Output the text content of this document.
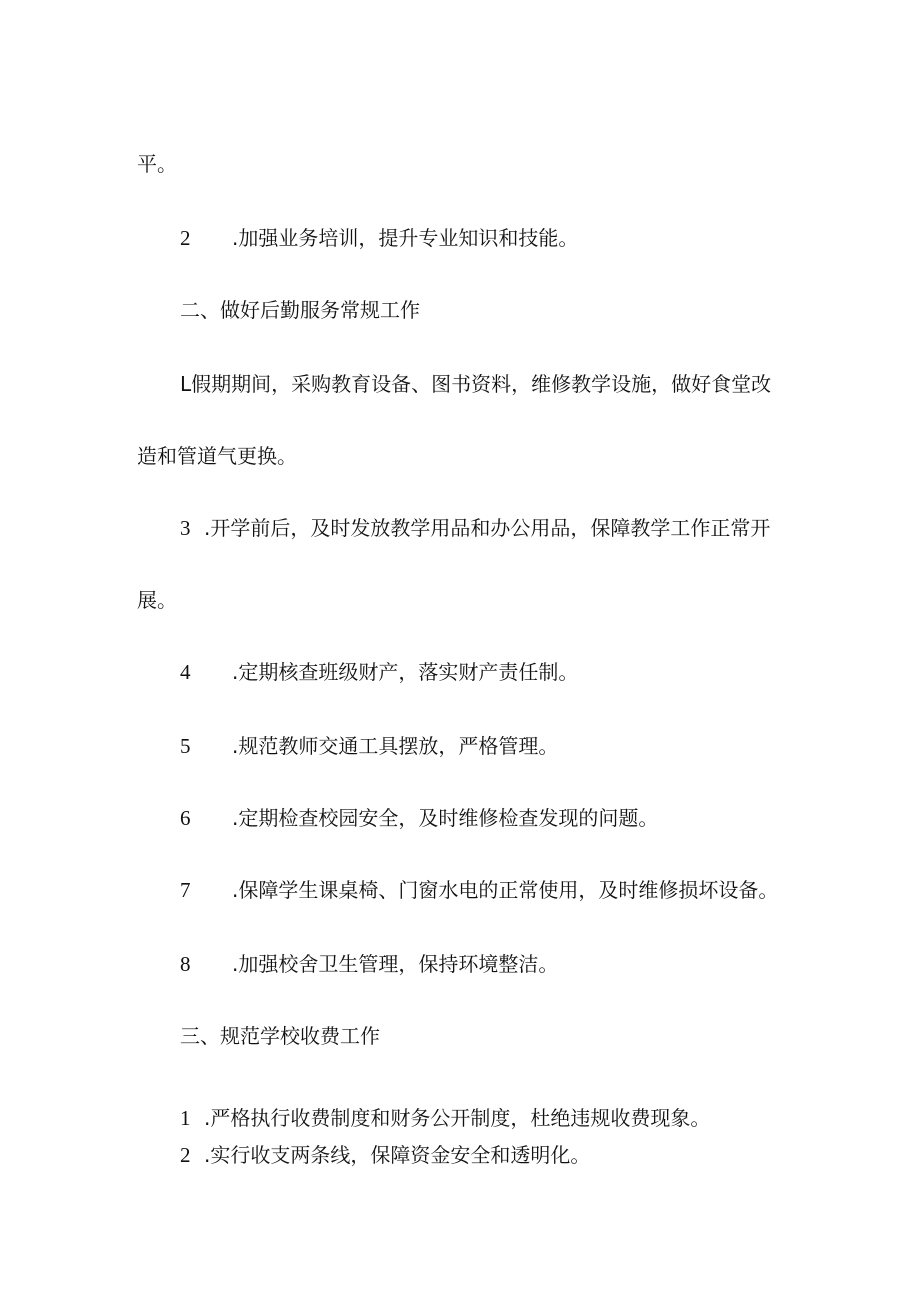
平。
2 .加强业务培训，提升专业知识和技能。
二、做好后勤服务常规工作
L假期期间，采购教育设备、图书资料，维修教学设施，做好食堂改
造和管道气更换。
3 .开学前后，及时发放教学用品和办公用品，保障教学工作正常开
展。
4 .定期核查班级财产，落实财产责任制。
5 .规范教师交通工具摆放，严格管理。
6 .定期检查校园安全，及时维修检查发现的问题。
7 .保障学生课桌椅、门窗水电的正常使用，及时维修损坏设备。
8 .加强校舍卫生管理，保持环境整洁。
三、规范学校收费工作
1 .严格执行收费制度和财务公开制度，杜绝违规收费现象。
2 .实行收支两条线，保障资金安全和透明化。
